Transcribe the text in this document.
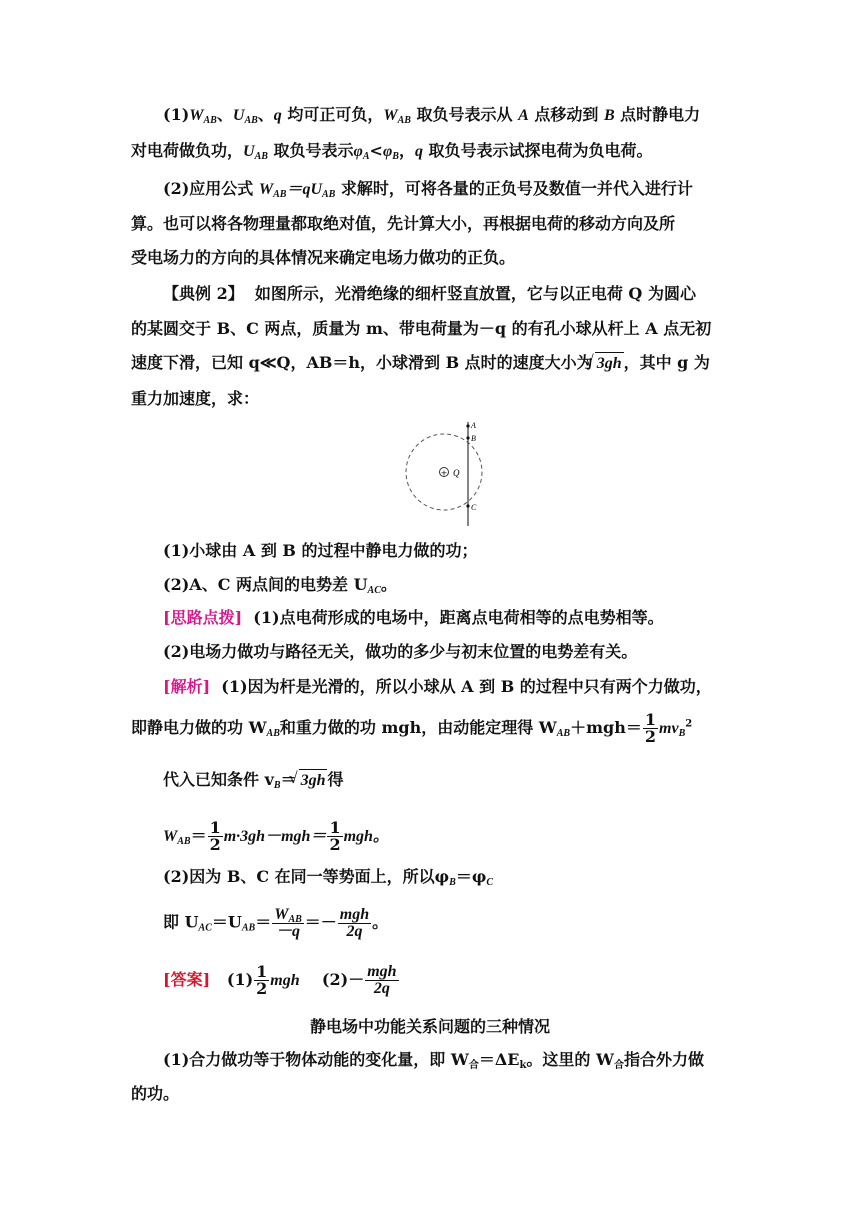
$(1)W_{AB}$、$U_{AB}$、q 均可正可负，$W_{AB}$ 取负号表示从 A 点移动到 B 点时静电力
对电荷做负功，$U_{AB}$ 取负号表示$\varphi_A<\varphi_B$，q 取负号表示试探电荷为负电荷。
(2)应用公式 $W_{AB}=qU_{AB}$ 求解时，可将各量的正负号及数值一并代入进行计
算。也可以将各物理量都取绝对值，先计算大小，再根据电荷的移动方向及所
受电场力的方向的具体情况来确定电场力做功的正负。
【典例 2】 如图所示，光滑绝缘的细杆竖直放置，它与以正电荷 Q 为圆心
的某圆交于 B、C 两点，质量为 m、带电荷量为－q 的有孔小球从杆上 A 点无初
速度下滑，已知 q≪Q，AB＝h，小球滑到 B 点时的速度大小为√ 3gh ，其中 g 为
重力加速度，求：
+ Q
A
B
C
(1)小球由 A 到 B 的过程中静电力做的功；
(2)A、C 两点间的电势差 $U_{AC}$。
[思路点拨] (1)点电荷形成的电场中，距离点电荷相等的点电势相等。
(2)电场力做功与路径无关，做功的多少与初末位置的电势差有关。
[解析] (1)因为杆是光滑的，所以小球从 A 到 B 的过程中只有两个力做功，
即静电力做的功 $W_{AB}$和重力做的功 mgh，由动能定理得 $W_{AB}+mgh= \frac{1}{2} mv_B^2$
代入已知条件 $v_B=√$ 3gh 得
$W_{AB}= \frac{1}{2} m\cdot 3gh-mgh= \frac{1}{2}$ mgh。
(2)因为 B、C 在同一等势面上，所以$\varphi_B=\varphi_C$
即 $U_{AC}=U_{AB}= \frac{W_{AB}}{-q} =- \frac{\text{mgh}}{2q}$ 。
[答案] $(1) \frac{1}{2}$ mgh $(2)- \frac{\text{mgh}}{2q}$
静电场中功能关系问题的三种情况
(1)合力做功等于物体动能的变化量，即 $W_合=\Delta E_k$。这里的 $W_合$指合外力做
的功。
